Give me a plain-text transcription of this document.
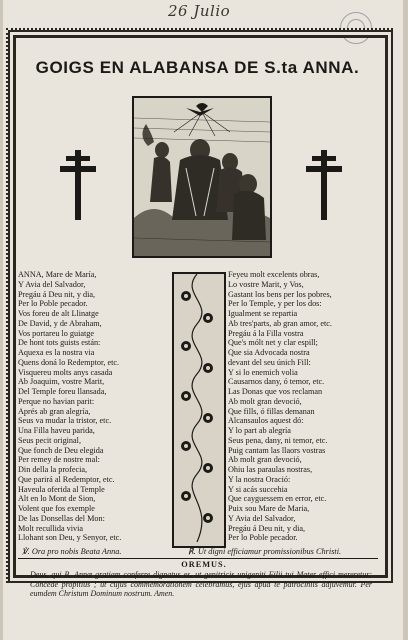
26 Julio
GOIGS EN ALABANSA DE S.ta ANNA.
ANNA, Mare de María,
Y Avia del Salvador,
Pregáu á Deu nit, y dia,
Per lo Poble pecador.
Vos foreu de alt Llinatge
De David, y de Abraham,
Vos portareu lo guiatge
De hont tots guists están:
Aquexa es la nostra via
Quens doná lo Redemptor, etc.
Visquereu molts anys casada
Ab Joaquim, vostre Marit,
Del Temple foreu llansada,
Perque no havian parit:
Aprés ab gran alegría,
Seus va mudar la tristor, etc.
Una Filla haveu parida,
Seus pecit original,
Que fonch de Deu elegida
Per remey de nostre mal:
Din della la profecia,
Que parirá al Redemptor, etc.
Haveula oferida al Temple
Alt en lo Mont de Sion,
Volent que fos exemple
De las Donsellas del Mon:
Molt recullida vivia
Llohant son Deu, y Senyor, etc.
Feyeu molt excelents obras,
Lo vostre Marit, y Vos,
Gastant los bens per los pobres,
Per lo Temple, y per los dos:
Igualment se repartia
Ab tres'parts, ab gran amor, etc.
Pregáu á la Filla vostra
Que's mólt net y clar espill;
Que sia Advocada nostra
devant del seu únich Fill:
Y si lo enemich volia
Causarnos dany, ó temor, etc.
Las Donas que vos reclaman
Ab molt gran devoció,
Que fills, ó fillas demanan
Alcansaulos aquest dó:
Y lo part ab alegría
Seus pena, dany, ni temor, etc.
Puig cantam las llaors vostras
Ab molt gran devoció,
Ohiu las paraulas nostras,
Y la nostra Oració:
Y si acás succehia
Que cayguessem en error, etc.
Puix sou Mare de Maria,
Y Avia del Salvador,
Pregáu á Deu nit, y dia,
Per lo Poble pecador.
℣. Ora pro nobis Beata Anna.	℟. Ut digni efficiamur promissionibus Christi.
OREMUS.
Deus, qui B. Annæ gratiam conferre dignatus es, ut genitricis unigeniti Filii tui Mater effici mereretur: Concede propitius ; ut cujus commemorationem celebramus, ejus apud te patrociniis adjuvemur. Per eumdem Christum Dominum nostrum. Amen.
